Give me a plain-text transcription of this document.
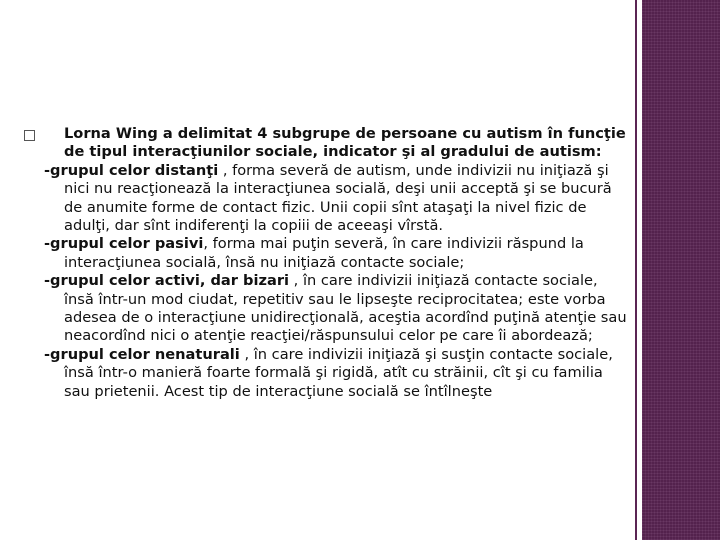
Lorna Wing a delimitat 4 subgrupe de persoane cu autism în funcţie de tipul interacţiunilor sociale, indicator şi al gradului de autism:

-grupul celor distanţi , forma severă de autism, unde indivizii nu iniţiază şi nici nu reacţionează la interacţiunea socială, deşi unii acceptă şi se bucură de anumite forme de contact fizic. Unii copii sînt ataşaţi la nivel fizic de adulţi, dar sînt indiferenţi la copiii de aceeaşi vîrstă.

-grupul celor pasivi, forma mai puţin severă, în care indivizii răspund la interacţiunea socială, însă nu iniţiază contacte sociale;

-grupul celor activi, dar bizari , în care indivizii iniţiază contacte sociale, însă într-un mod ciudat, repetitiv sau le lipseşte reciprocitatea; este vorba adesea de o interacţiune unidirecţională, aceştia acordînd puţină atenţie sau neacordînd nici o atenţie reacţiei/răspunsului celor pe care îi abordează;

-grupul celor nenaturali , în care indivizii iniţiază şi susţin contacte sociale, însă într-o manieră foarte formală şi rigidă, atît cu străinii, cît şi cu familia sau prietenii. Acest tip de interacţiune socială se întîlneşte
